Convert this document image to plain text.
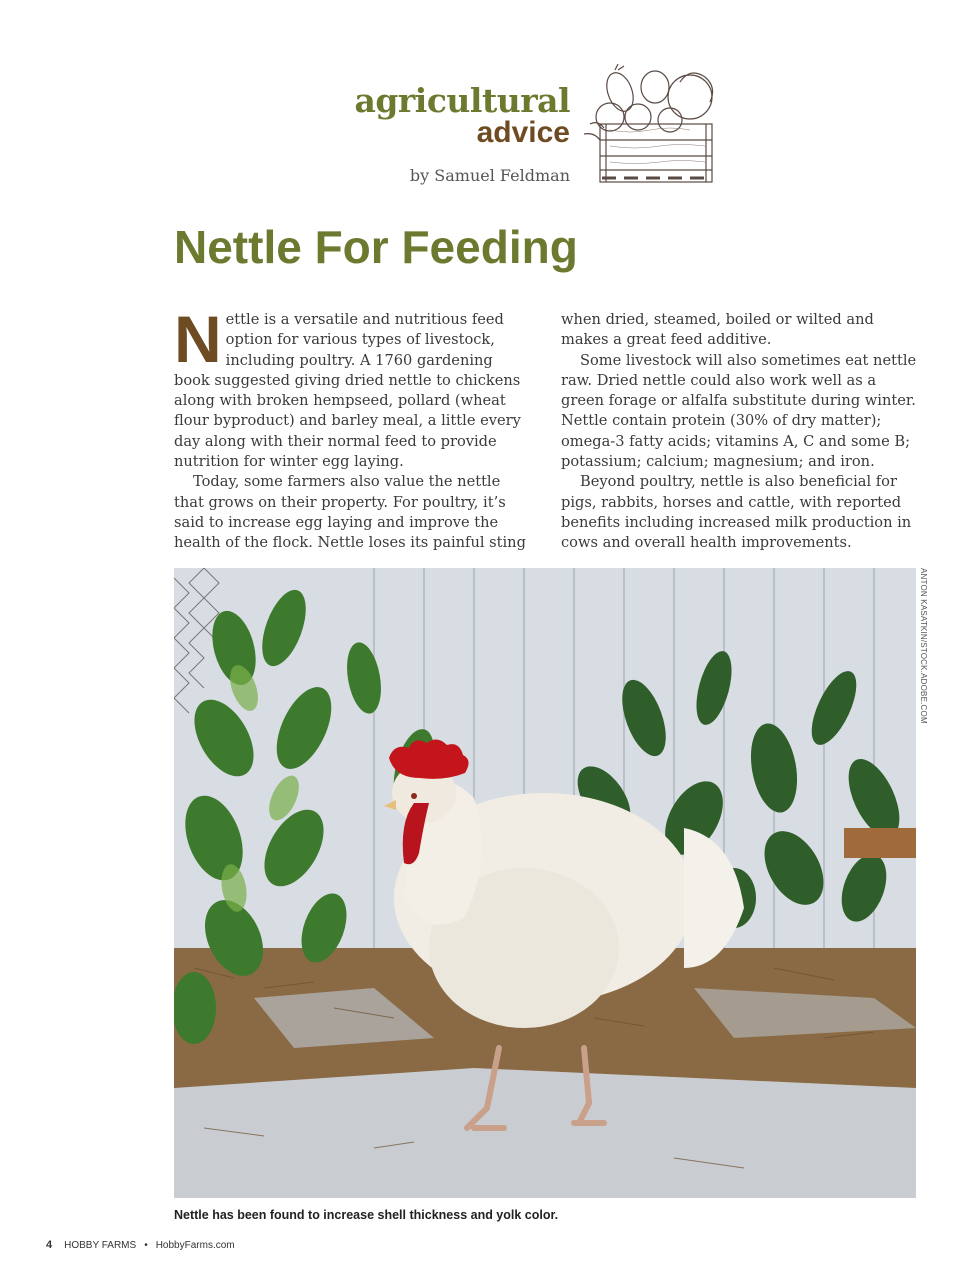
agricultural
advice
by Samuel Feldman
Nettle For Feeding

Nettle is a versatile and nutritious feed option for various types of livestock, including poultry. A 1760 gardening book suggested giving dried nettle to chickens along with broken hempseed, pollard (wheat flour byproduct) and barley meal, a little every day along with their normal feed to provide nutrition for winter egg laying.

Today, some farmers also value the nettle that grows on their property. For poultry, it’s said to increase egg laying and improve the health of the flock. Nettle loses its painful sting

when dried, steamed, boiled or wilted and makes a great feed additive.

Some livestock will also sometimes eat nettle raw. Dried nettle could also work well as a green forage or alfalfa substitute during winter. Nettle contain protein (30% of dry matter); omega-3 fatty acids; vitamins A, C and some B; potassium; calcium; magnesium; and iron.

Beyond poultry, nettle is also beneficial for pigs, rabbits, horses and cattle, with reported benefits including increased milk production in cows and overall health improvements.

ANTON KASATKIN/STOCK.ADOBE.COM
Nettle has been found to increase shell thickness and yolk color.
4 HOBBY FARMS • HobbyFarms.com
